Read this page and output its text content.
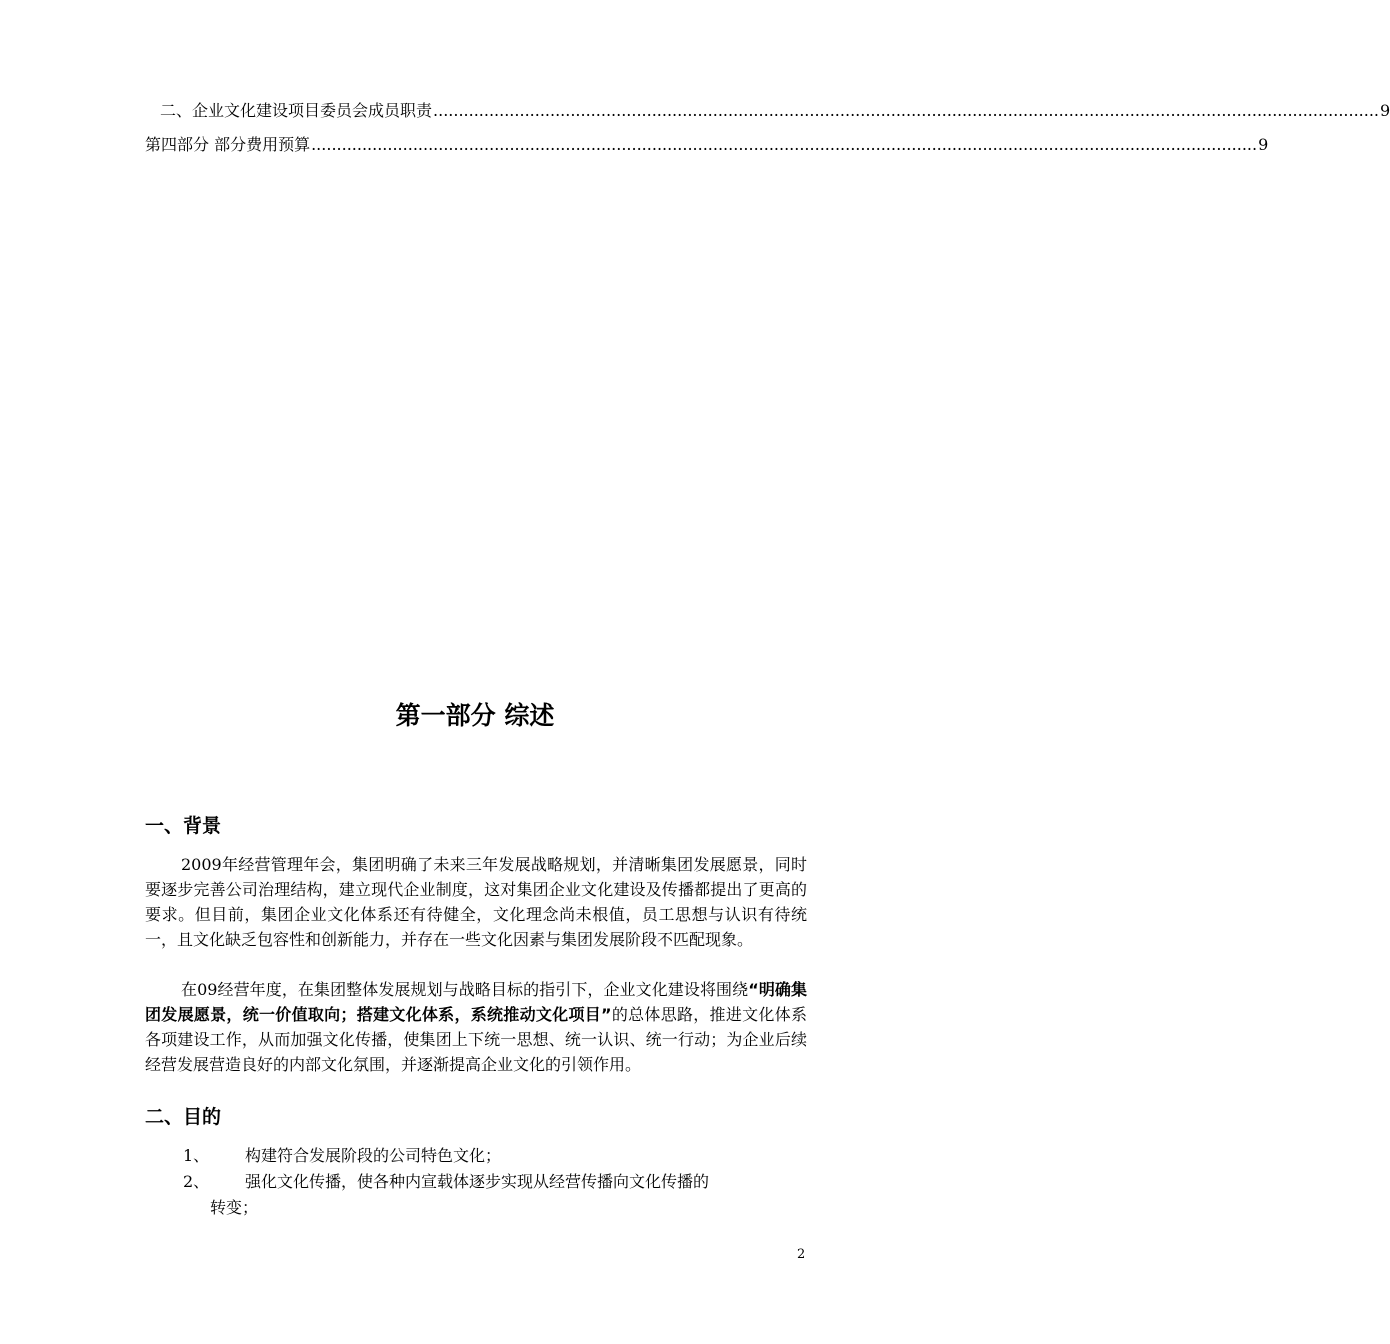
二、企业文化建设项目委员会成员职责 .......................................................................................................................................................................................... 9
第四部分 部分费用预算 .......................................................................................................................................................................................... 9
第一部分 综述
一、背景
2009年经营管理年会，集团明确了未来三年发展战略规划，并清晰集团发展愿景，同时要逐步完善公司治理结构，建立现代企业制度，这对集团企业文化建设及传播都提出了更高的要求。但目前，集团企业文化体系还有待健全，文化理念尚未根值，员工思想与认识有待统一，且文化缺乏包容性和创新能力，并存在一些文化因素与集团发展阶段不匹配现象。
在09经营年度，在集团整体发展规划与战略目标的指引下，企业文化建设将围绕“明确集团发展愿景，统一价值取向；搭建文化体系，系统推动文化项目”的总体思路，推进文化体系各项建设工作，从而加强文化传播，使集团上下统一思想、统一认识、统一行动；为企业后续经营发展营造良好的内部文化氛围，并逐渐提高企业文化的引领作用。
二、目的
1、 构建符合发展阶段的公司特色文化；
2、 强化文化传播，使各种内宣载体逐步实现从经营传播向文化传播的
转变；
2
